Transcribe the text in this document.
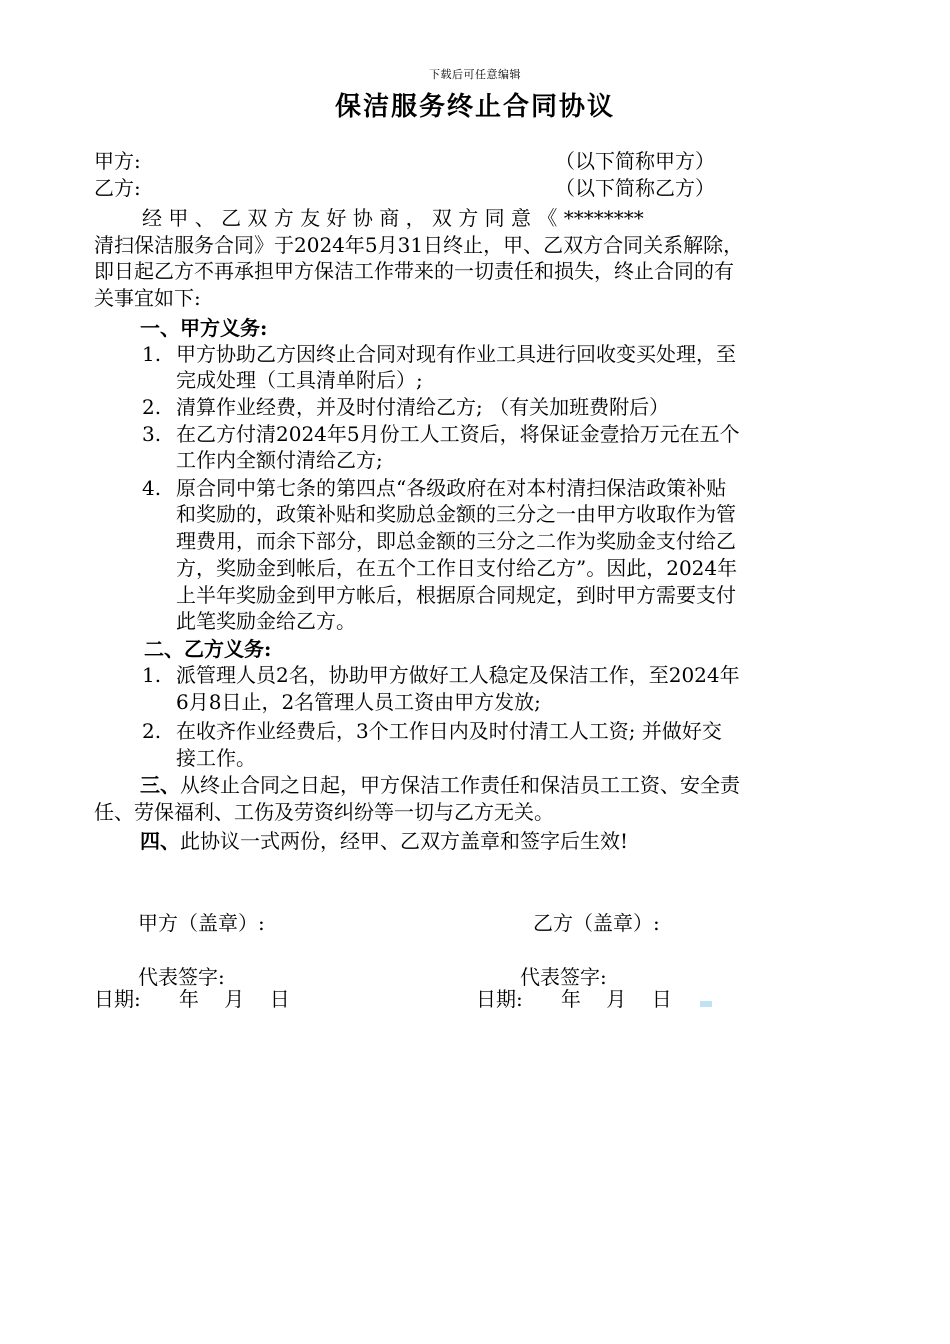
下载后可任意编辑
保洁服务终止合同协议
甲方:	（以下简称甲方）
乙方:	（以下简称乙方）
经 甲 、 乙 双 方 友 好 协 商 ， 双 方 同 意 《 ********
清扫保洁服务合同》于2024年5月31日终止，甲、乙双方合同关系解除，
即日起乙方不再承担甲方保洁工作带来的一切责任和损失，终止合同的有
关事宜如下:
一、甲方义务:
1. 甲方协助乙方因终止合同对现有作业工具进行回收变买处理，至
完成处理（工具清单附后）;
2. 清算作业经费，并及时付清给乙方; （有关加班费附后）
3. 在乙方付清2024年5月份工人工资后，将保证金壹拾万元在五个
工作内全额付清给乙方;
4. 原合同中第七条的第四点“各级政府在对本村清扫保洁政策补贴
和奖励的，政策补贴和奖励总金额的三分之一由甲方收取作为管
理费用，而余下部分，即总金额的三分之二作为奖励金支付给乙
方，奖励金到帐后，在五个工作日支付给乙方”。因此，2024年
上半年奖励金到甲方帐后，根据原合同规定，到时甲方需要支付
此笔奖励金给乙方。
二、乙方义务:
1. 派管理人员2名，协助甲方做好工人稳定及保洁工作，至2024年
6月8日止，2名管理人员工资由甲方发放;
2. 在收齐作业经费后，3个工作日内及时付清工人工资; 并做好交
接工作。
三、从终止合同之日起，甲方保洁工作责任和保洁员工工资、安全责
任、劳保福利、工伤及劳资纠纷等一切与乙方无关。
四、此协议一式两份，经甲、乙双方盖章和签字后生效!
甲方（盖章）:	乙方（盖章）:
代表签字:	代表签字:
日期:      年    月    日	日期:      年    月    日
